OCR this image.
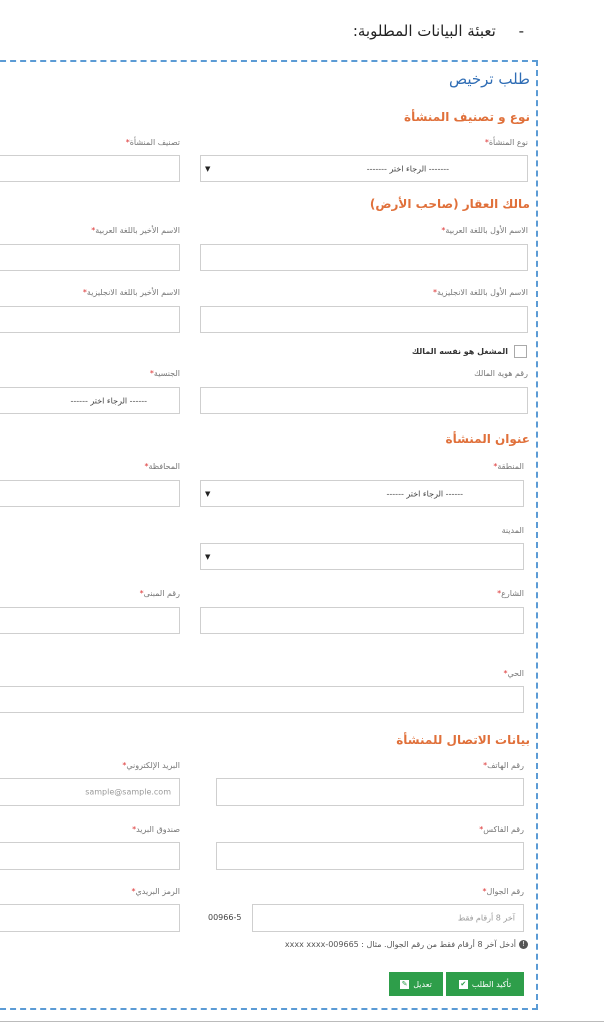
- تعبئة البيانات المطلوبة:
طلب ترخيص
نوع و تصنيف المنشأة
نوع المنشأة*
تصنيف المنشأة*
------- الرجاء اختر -------
▼
مالك العقار (صاحب الأرض)
الاسم الأول باللغة العربية*
الاسم الأخير باللغة العربية*
الاسم الأول باللغة الانجليزية*
الاسم الأخير باللغة الانجليزية*
المشغل هو نفسه المالك
رقم هوية المالك
الجنسية*
------ الرجاء اختر ------
عنوان المنشأة
المنطقة*
المحافظة*
------ الرجاء اختر ------
▼
المدينة
▼
الشارع*
رقم المبنى*
الحي*
بيانات الاتصال للمنشأة
رقم الهاتف*
البريد الإلكتروني*
sample@sample.com
رقم الفاكس*
صندوق البريد*
رقم الجوال*
الرمز البريدي*
آخر 8 أرقام فقط
00966-5
!أدخل آخر 8 أرقام فقط من رقم الجوال. مثال : 009665-xxxx xxxx
تأكيد الطلب
✔
تعديل
✎
